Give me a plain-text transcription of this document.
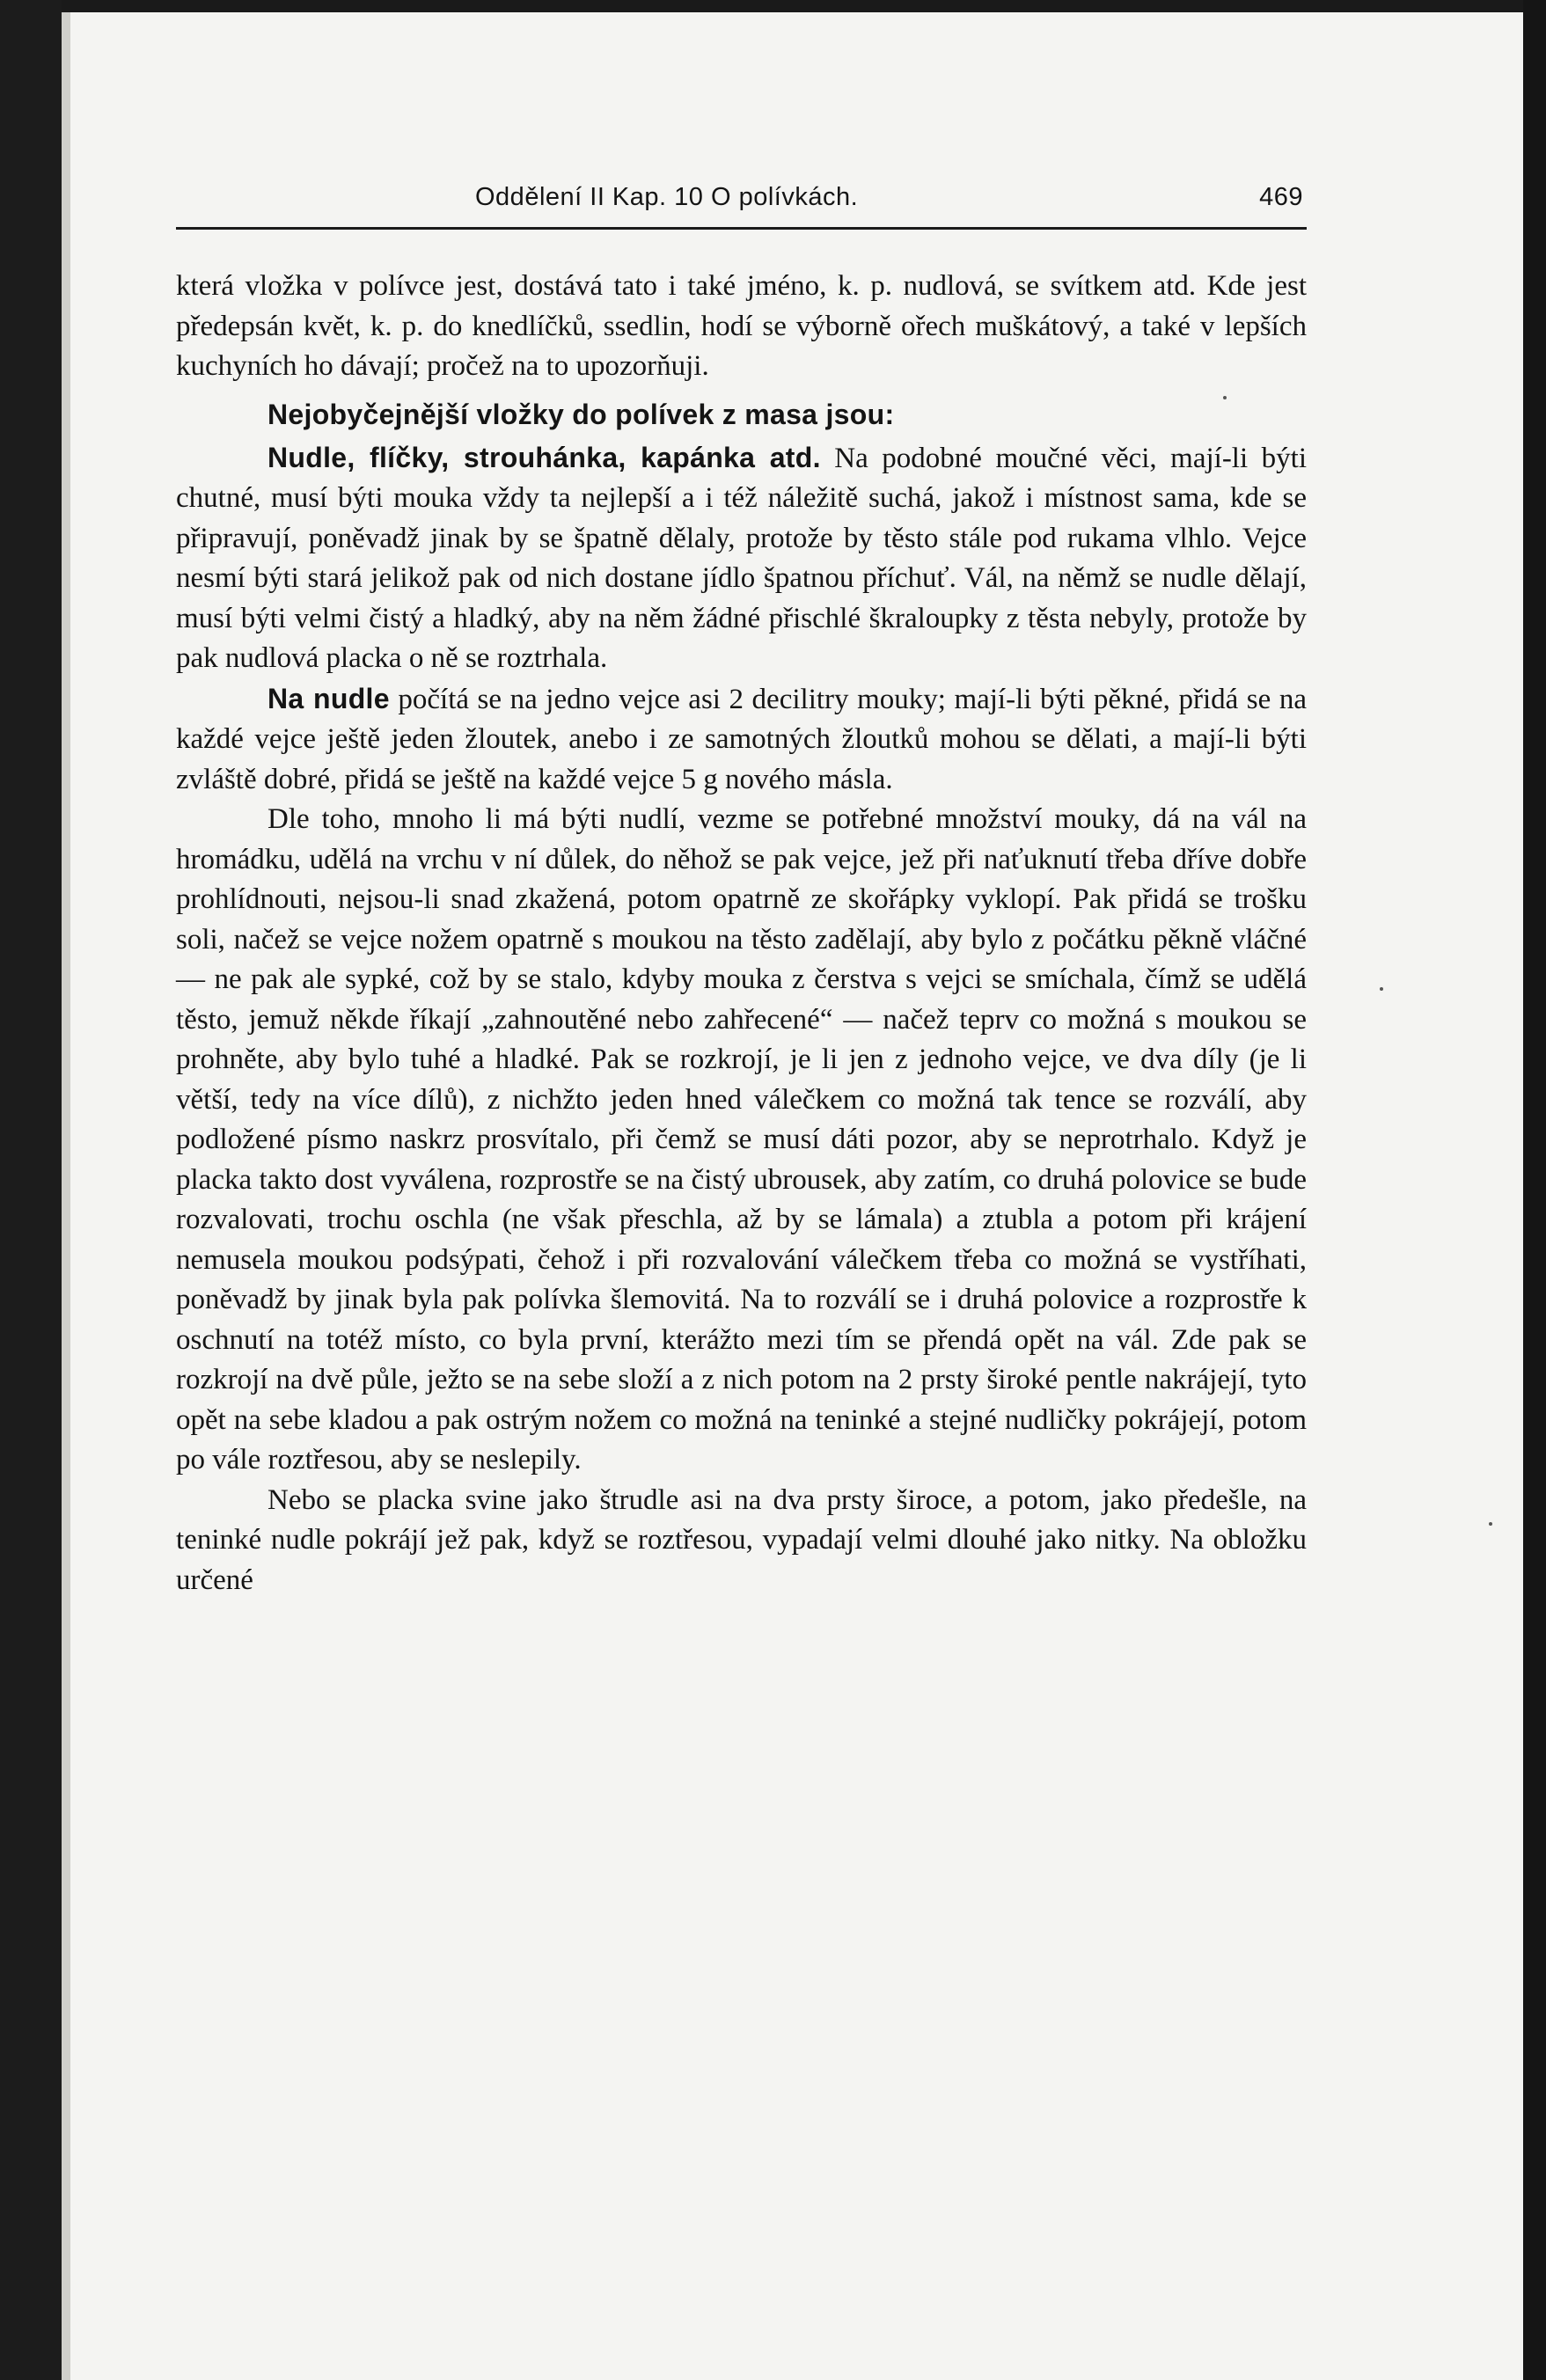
Oddělení II Kap. 10 O polívkách.	469

která vložka v polívce jest, dostává tato i také jméno, k. p. nudlová, se svítkem atd. Kde jest předepsán květ, k. p. do knedlíčků, ssedlin, hodí se výborně ořech muškátový, a také v lepších kuchyních ho dávají; pročež na to upozorňuji.

Nejobyčejnější vložky do polívek z masa jsou:

Nudle, flíčky, strouhánka, kapánka atd. Na podobné moučné věci, mají-li býti chutné, musí býti mouka vždy ta nejlepší a i též náležitě suchá, jakož i místnost sama, kde se připravují, poněvadž jinak by se špatně dělaly, protože by těsto stále pod rukama vlhlo. Vejce nesmí býti stará jelikož pak od nich dostane jídlo špatnou příchuť. Vál, na němž se nudle dělají, musí býti velmi čistý a hladký, aby na něm žádné přischlé škraloupky z těsta nebyly, protože by pak nudlová placka o ně se roztrhala.

Na nudle počítá se na jedno vejce asi 2 decilitry mouky; mají-li býti pěkné, přidá se na každé vejce ještě jeden žloutek, anebo i ze samotných žloutků mohou se dělati, a mají-li býti zvláště dobré, přidá se ještě na každé vejce 5 g nového másla.

Dle toho, mnoho li má býti nudlí, vezme se potřebné množství mouky, dá na vál na hromádku, udělá na vrchu v ní důlek, do něhož se pak vejce, jež při naťuknutí třeba dříve dobře prohlídnouti, nejsou-li snad zkažená, potom opatrně ze skořápky vyklopí. Pak přidá se trošku soli, načež se vejce nožem opatrně s moukou na těsto zadělají, aby bylo z počátku pěkně vláčné — ne pak ale sypké, což by se stalo, kdyby mouka z čerstva s vejci se smíchala, čímž se udělá těsto, jemuž někde říkají „zahnoutěné nebo zahřecené“ — načež teprv co možná s moukou se prohněte, aby bylo tuhé a hladké. Pak se rozkrojí, je li jen z jednoho vejce, ve dva díly (je li větší, tedy na více dílů), z nichžto jeden hned válečkem co možná tak tence se rozválí, aby podložené písmo naskrz prosvítalo, při čemž se musí dáti pozor, aby se neprotrhalo. Když je placka takto dost vyválena, rozprostře se na čistý ubrousek, aby zatím, co druhá polovice se bude rozvalovati, trochu oschla (ne však přeschla, až by se lámala) a ztubla a potom při krájení nemusela moukou podsýpati, čehož i při rozvalování válečkem třeba co možná se vystříhati, poněvadž by jinak byla pak polívka šlemovitá. Na to rozválí se i druhá polovice a rozprostře k oschnutí na totéž místo, co byla první, kterážto mezi tím se přendá opět na vál. Zde pak se rozkrojí na dvě půle, ježto se na sebe složí a z nich potom na 2 prsty široké pentle nakrájejí, tyto opět na sebe kladou a pak ostrým nožem co možná na teninké a stejné nudličky pokrájejí, potom po vále roztřesou, aby se neslepily.

Nebo se placka svine jako štrudle asi na dva prsty široce, a potom, jako předešle, na teninké nudle pokrájí jež pak, když se roztřesou, vypadají velmi dlouhé jako nitky. Na obložku určené
